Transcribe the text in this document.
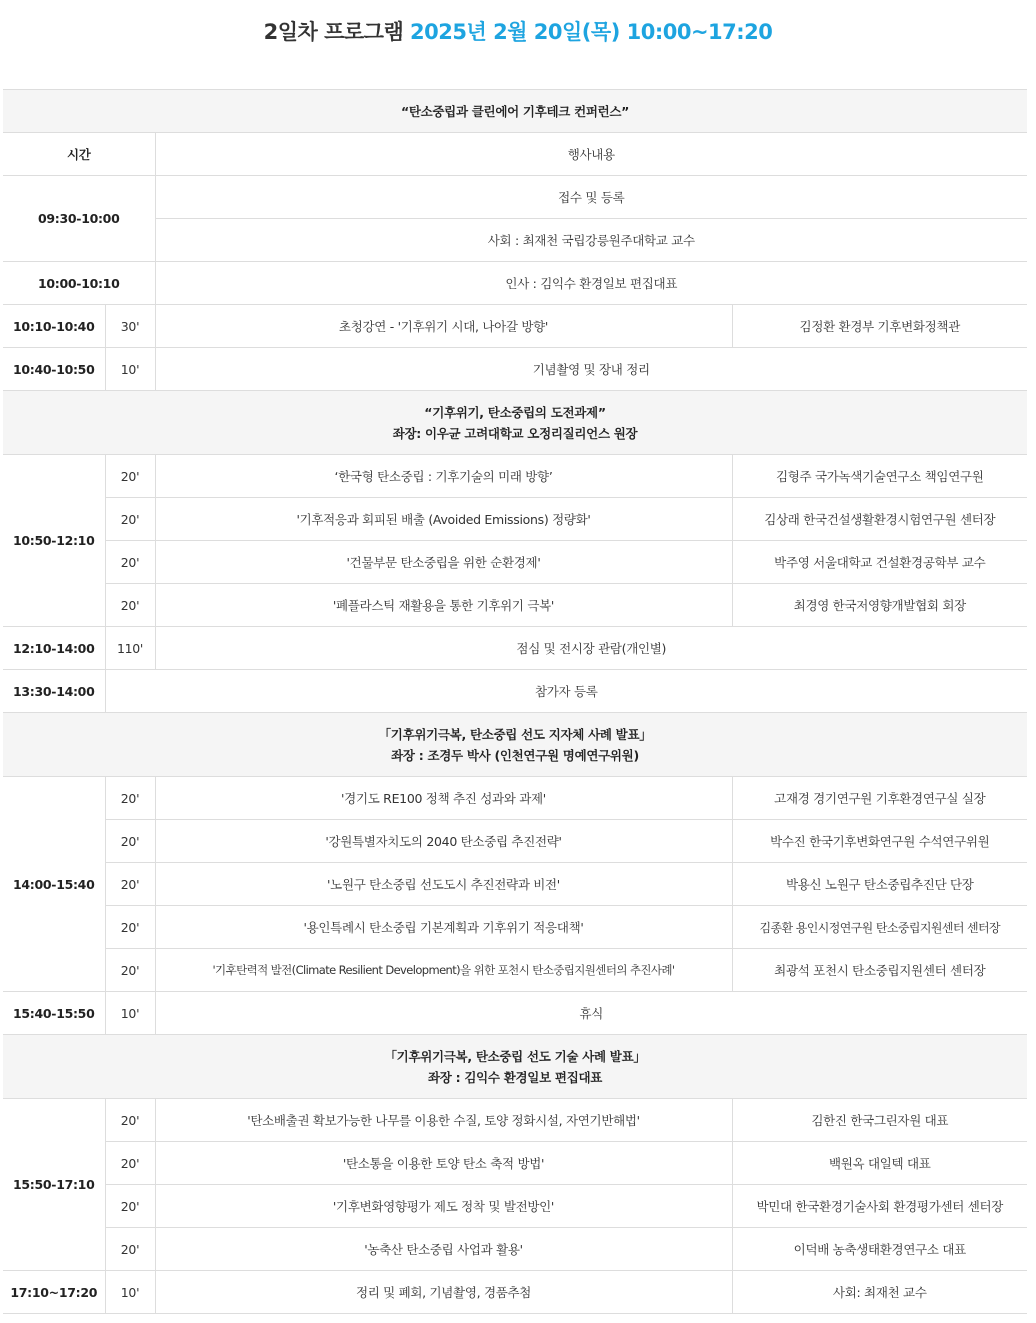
2일차 프로그램 2025년 2월 20일(목) 10:00~17:20
“탄소중립과 클린에어 기후테크 컨퍼런스”			
시간		행사내용	
09:30-10:00		접수 및 등록	
		사회 : 최재천 국립강릉원주대학교 교수	
10:00-10:10		인사 : 김익수 환경일보 편집대표	
10:10-10:40	30'	초청강연 - '기후위기 시대, 나아갈 방향'	김정환 환경부 기후변화정책관
10:40-10:50	10'	기념촬영 및 장내 정리	

“기후위기, 탄소중립의 도전과제”
좌장: 이우균 고려대학교 오정리질리언스 원장			

10:50-12:10	20'	‘한국형 탄소중립 : 기후기술의 미래 방향’	김형주 국가녹색기술연구소 책임연구원
	20'	'기후적응과 회피된 배출 (Avoided Emissions) 정량화'	김상래 한국건설생활환경시험연구원 센터장
	20'	'건물부문 탄소중립을 위한 순환경제'	박주영 서울대학교 건설환경공학부 교수
	20'	'폐플라스틱 재활용을 통한 기후위기 극복'	최경영 한국저영향개발협회 회장
12:10-14:00	110'	점심 및 전시장 관람(개인별)	
13:30-14:00	참가자 등록		

「기후위기극복, 탄소중립 선도 지자체 사례 발표」
좌장 : 조경두 박사 (인천연구원 명예연구위원)			

14:00-15:40	20'	'경기도 RE100 정책 추진 성과와 과제'	고재경 경기연구원 기후환경연구실 실장
	20'	'강원특별자치도의 2040 탄소중립 추진전략'	박수진 한국기후변화연구원 수석연구위원
	20'	'노원구 탄소중립 선도도시 추진전략과 비전'	박용신 노원구 탄소중립추진단 단장
	20'	'용인특례시 탄소중립 기본계획과 기후위기 적응대책'	김종환 용인시정연구원 탄소중립지원센터 센터장
	20'	'기후탄력적 발전(Climate Resilient Development)을 위한 포천시 탄소중립지원센터의 추진사례'	최광석 포천시 탄소중립지원센터 센터장
15:40-15:50	10'	휴식	

「기후위기극복, 탄소중립 선도 기술 사례 발표」
좌장 : 김익수 환경일보 편집대표			

15:50-17:10	20'	'탄소배출권 확보가능한 나무를 이용한 수질, 토양 정화시설, 자연기반해법'	김한진 한국그린자원 대표
	20'	'탄소통을 이용한 토양 탄소 축적 방법'	백원옥 대일텍 대표
	20'	'기후변화영향평가 제도 정착 및 발전방인'	박민대 한국환경기술사회 환경평가센터 센터장
	20'	'농축산 탄소중립 사업과 활용'	이덕배 농축생태환경연구소 대표
17:10~17:20	10'	정리 및 폐회, 기념촬영, 경품추첨	사회: 최재천 교수
